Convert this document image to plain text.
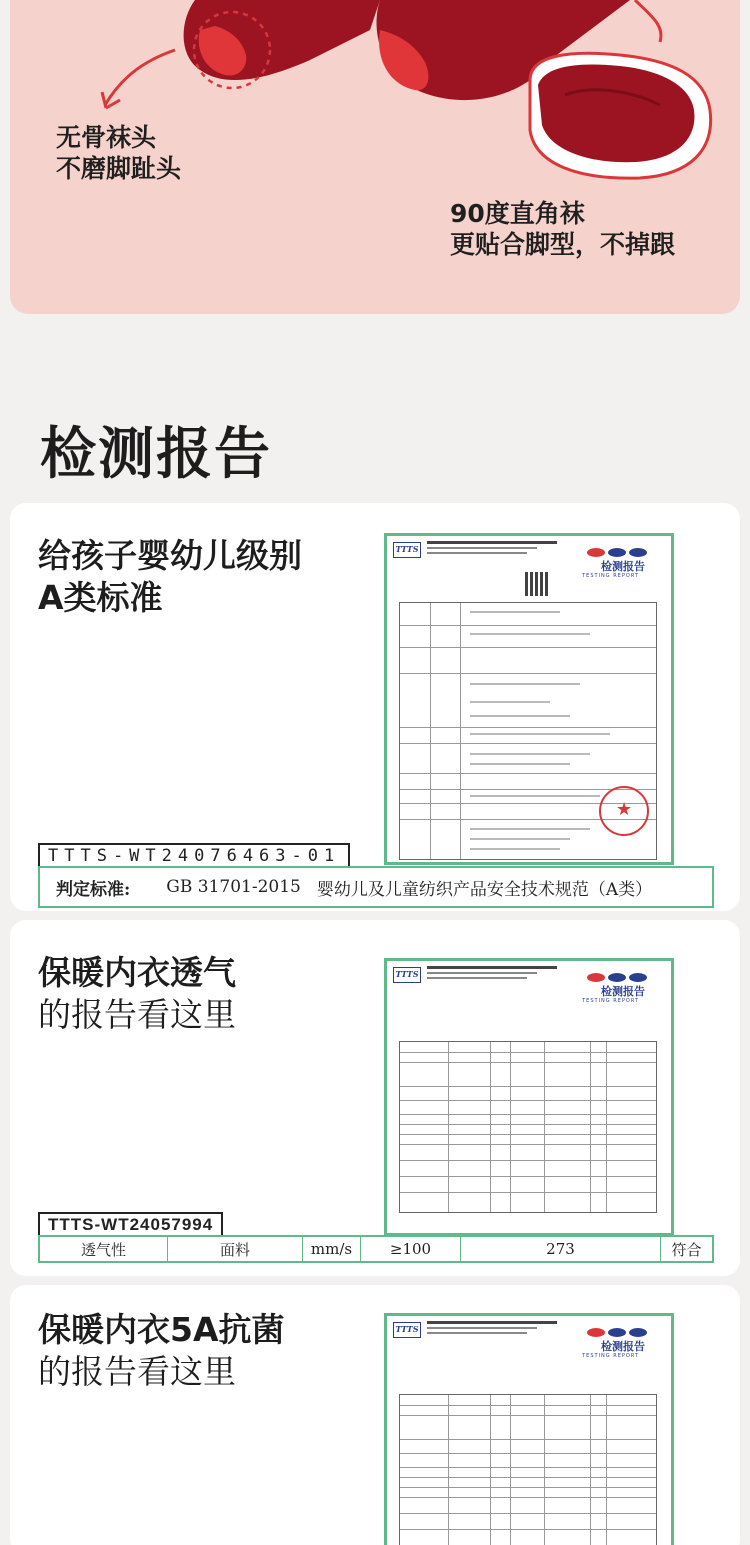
无骨袜头
不磨脚趾头
90度直角袜
更贴合脚型，不掉跟
检测报告
给孩子婴幼儿级别
A类标准
TTTS
检测报告
TESTING REPORT
★
TTTS-WT24076463-01
判定标准: GB 31701-2015 婴幼儿及儿童纺织产品安全技术规范（A类）
保暖内衣透气
的报告看这里
TTTS
检测报告
TESTING REPORT
TTTS-WT24057994
透气性	面料	mm/s	≥100	273	符合
保暖内衣5A抗菌
的报告看这里
TTTS
检测报告
TESTING REPORT
